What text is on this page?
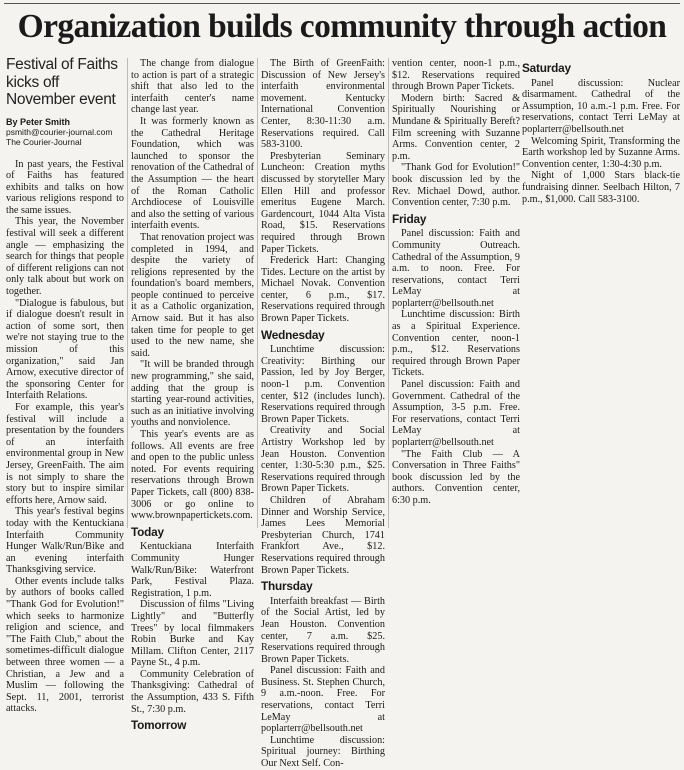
Organization builds community through action
Festival of Faiths kicks off November event
By Peter Smith
psmith@courier-journal.com
The Courier-Journal

In past years, the Festival of Faiths has featured exhibits and talks on how various religions respond to the same issues.

This year, the November festival will seek a different angle — emphasizing the search for things that people of different religions can not only talk about but work on together.

"Dialogue is fabulous, but if dialogue doesn't result in action of some sort, then we're not staying true to the mission of this organization," said Jan Arnow, executive director of the sponsoring Center for Interfaith Relations.

For example, this year's festival will include a presentation by the founders of an interfaith environmental group in New Jersey, GreenFaith. The aim is not simply to share the story but to inspire similar efforts here, Arnow said.

This year's festival begins today with the Kentuckiana Interfaith Community Hunger Walk/Run/Bike and an evening interfaith Thanksgiving service.

Other events include talks by authors of books called "Thank God for Evolution!" which seeks to harmonize religion and science, and "The Faith Club," about the sometimes-difficult dialogue between three women — a Christian, a Jew and a Muslim — following the Sept. 11, 2001, terrorist attacks.

The change from dialogue to action is part of a strategic shift that also led to the interfaith center's name change last year.

It was formerly known as the Cathedral Heritage Foundation, which was launched to sponsor the renovation of the Cathedral of the Assumption — the heart of the Roman Catholic Archdiocese of Louisville and also the setting of various interfaith events.

That renovation project was completed in 1994, and despite the variety of religions represented by the foundation's board members, people continued to perceive it as a Catholic organization, Arnow said. But it has also taken time for people to get used to the new name, she said.

"It will be branded through new programming," she said, adding that the group is starting year-round activities, such as an initiative involving youths and nonviolence.

This year's events are as follows. All events are free and open to the public unless noted. For events requiring reservations through Brown Paper Tickets, call (800) 838-3006 or go online to www.brownpapertickets.com.

Today

Kentuckiana Interfaith Community Hunger Walk/Run/Bike: Waterfront Park, Festival Plaza. Registration, 1 p.m.

Discussion of films "Living Lightly" and "Butterfly Trees" by local filmmakers Robin Burke and Kay Millam. Clifton Center, 2117 Payne St., 4 p.m.

Community Celebration of Thanksgiving: Cathedral of the Assumption, 433 S. Fifth St., 7:30 p.m.

Tomorrow

The Birth of GreenFaith: Discussion of New Jersey's interfaith environmental movement. Kentucky International Convention Center, 8:30-11:30 a.m. Reservations required. Call 583-3100.

Presbyterian Seminary Luncheon: Creation myths discussed by storyteller Mary Ellen Hill and professor emeritus Eugene March. Gardencourt, 1044 Alta Vista Road, $15. Reservations required through Brown Paper Tickets.

Frederick Hart: Changing Tides. Lecture on the artist by Michael Novak. Convention center, 6 p.m., $17. Reservations required through Brown Paper Tickets.

Wednesday

Lunchtime discussion: Creativity: Birthing our Passion, led by Joy Berger, noon-1 p.m. Convention center, $12 (includes lunch). Reservations required through Brown Paper Tickets.

Creativity and Social Artistry Workshop led by Jean Houston. Convention center, 1:30-5:30 p.m., $25. Reservations required through Brown Paper Tickets.

Children of Abraham Dinner and Worship Service, James Lees Memorial Presbyterian Church, 1741 Frankfort Ave., $12. Reservations required through Brown Paper Tickets.

Thursday

Interfaith breakfast — Birth of the Social Artist, led by Jean Houston. Convention center, 7 a.m. $25. Reservations required through Brown Paper Tickets.

Panel discussion: Faith and Business. St. Stephen Church, 9 a.m.-noon. Free. For reservations, contact Terri LeMay at poplarterr@bellsouth.net

Lunchtime discussion: Spiritual journey: Birthing Our Next Self. Con-

vention center, noon-1 p.m., $12. Reservations required through Brown Paper Tickets.

Modern birth: Sacred & Spiritually Nourishing or Mundane & Spiritually Bereft? Film screening with Suzanne Arms. Convention center, 2 p.m.

"Thank God for Evolution!" book discussion led by the Rev. Michael Dowd, author. Convention center, 7:30 p.m.

Friday

Panel discussion: Faith and Community Outreach. Cathedral of the Assumption, 9 a.m. to noon. Free. For reservations, contact Terri LeMay at poplarterr@bellsouth.net

Lunchtime discussion: Birth as a Spiritual Experience. Convention center, noon-1 p.m., $12. Reservations required through Brown Paper Tickets.

Panel discussion: Faith and Government. Cathedral of the Assumption, 3-5 p.m. Free. For reservations, contact Terri LeMay at poplarterr@bellsouth.net

"The Faith Club — A Conversation in Three Faiths" book discussion led by the authors. Convention center, 6:30 p.m.

Saturday

Panel discussion: Nuclear disarmament. Cathedral of the Assumption, 10 a.m.-1 p.m. Free. For reservations, contact Terri LeMay at poplarterr@bellsouth.net

Welcoming Spirit, Transforming the Earth workshop led by Suzanne Arms. Convention center, 1:30-4:30 p.m.

Night of 1,000 Stars black-tie fundraising dinner. Seelbach Hilton, 7 p.m., $1,000. Call 583-3100.
